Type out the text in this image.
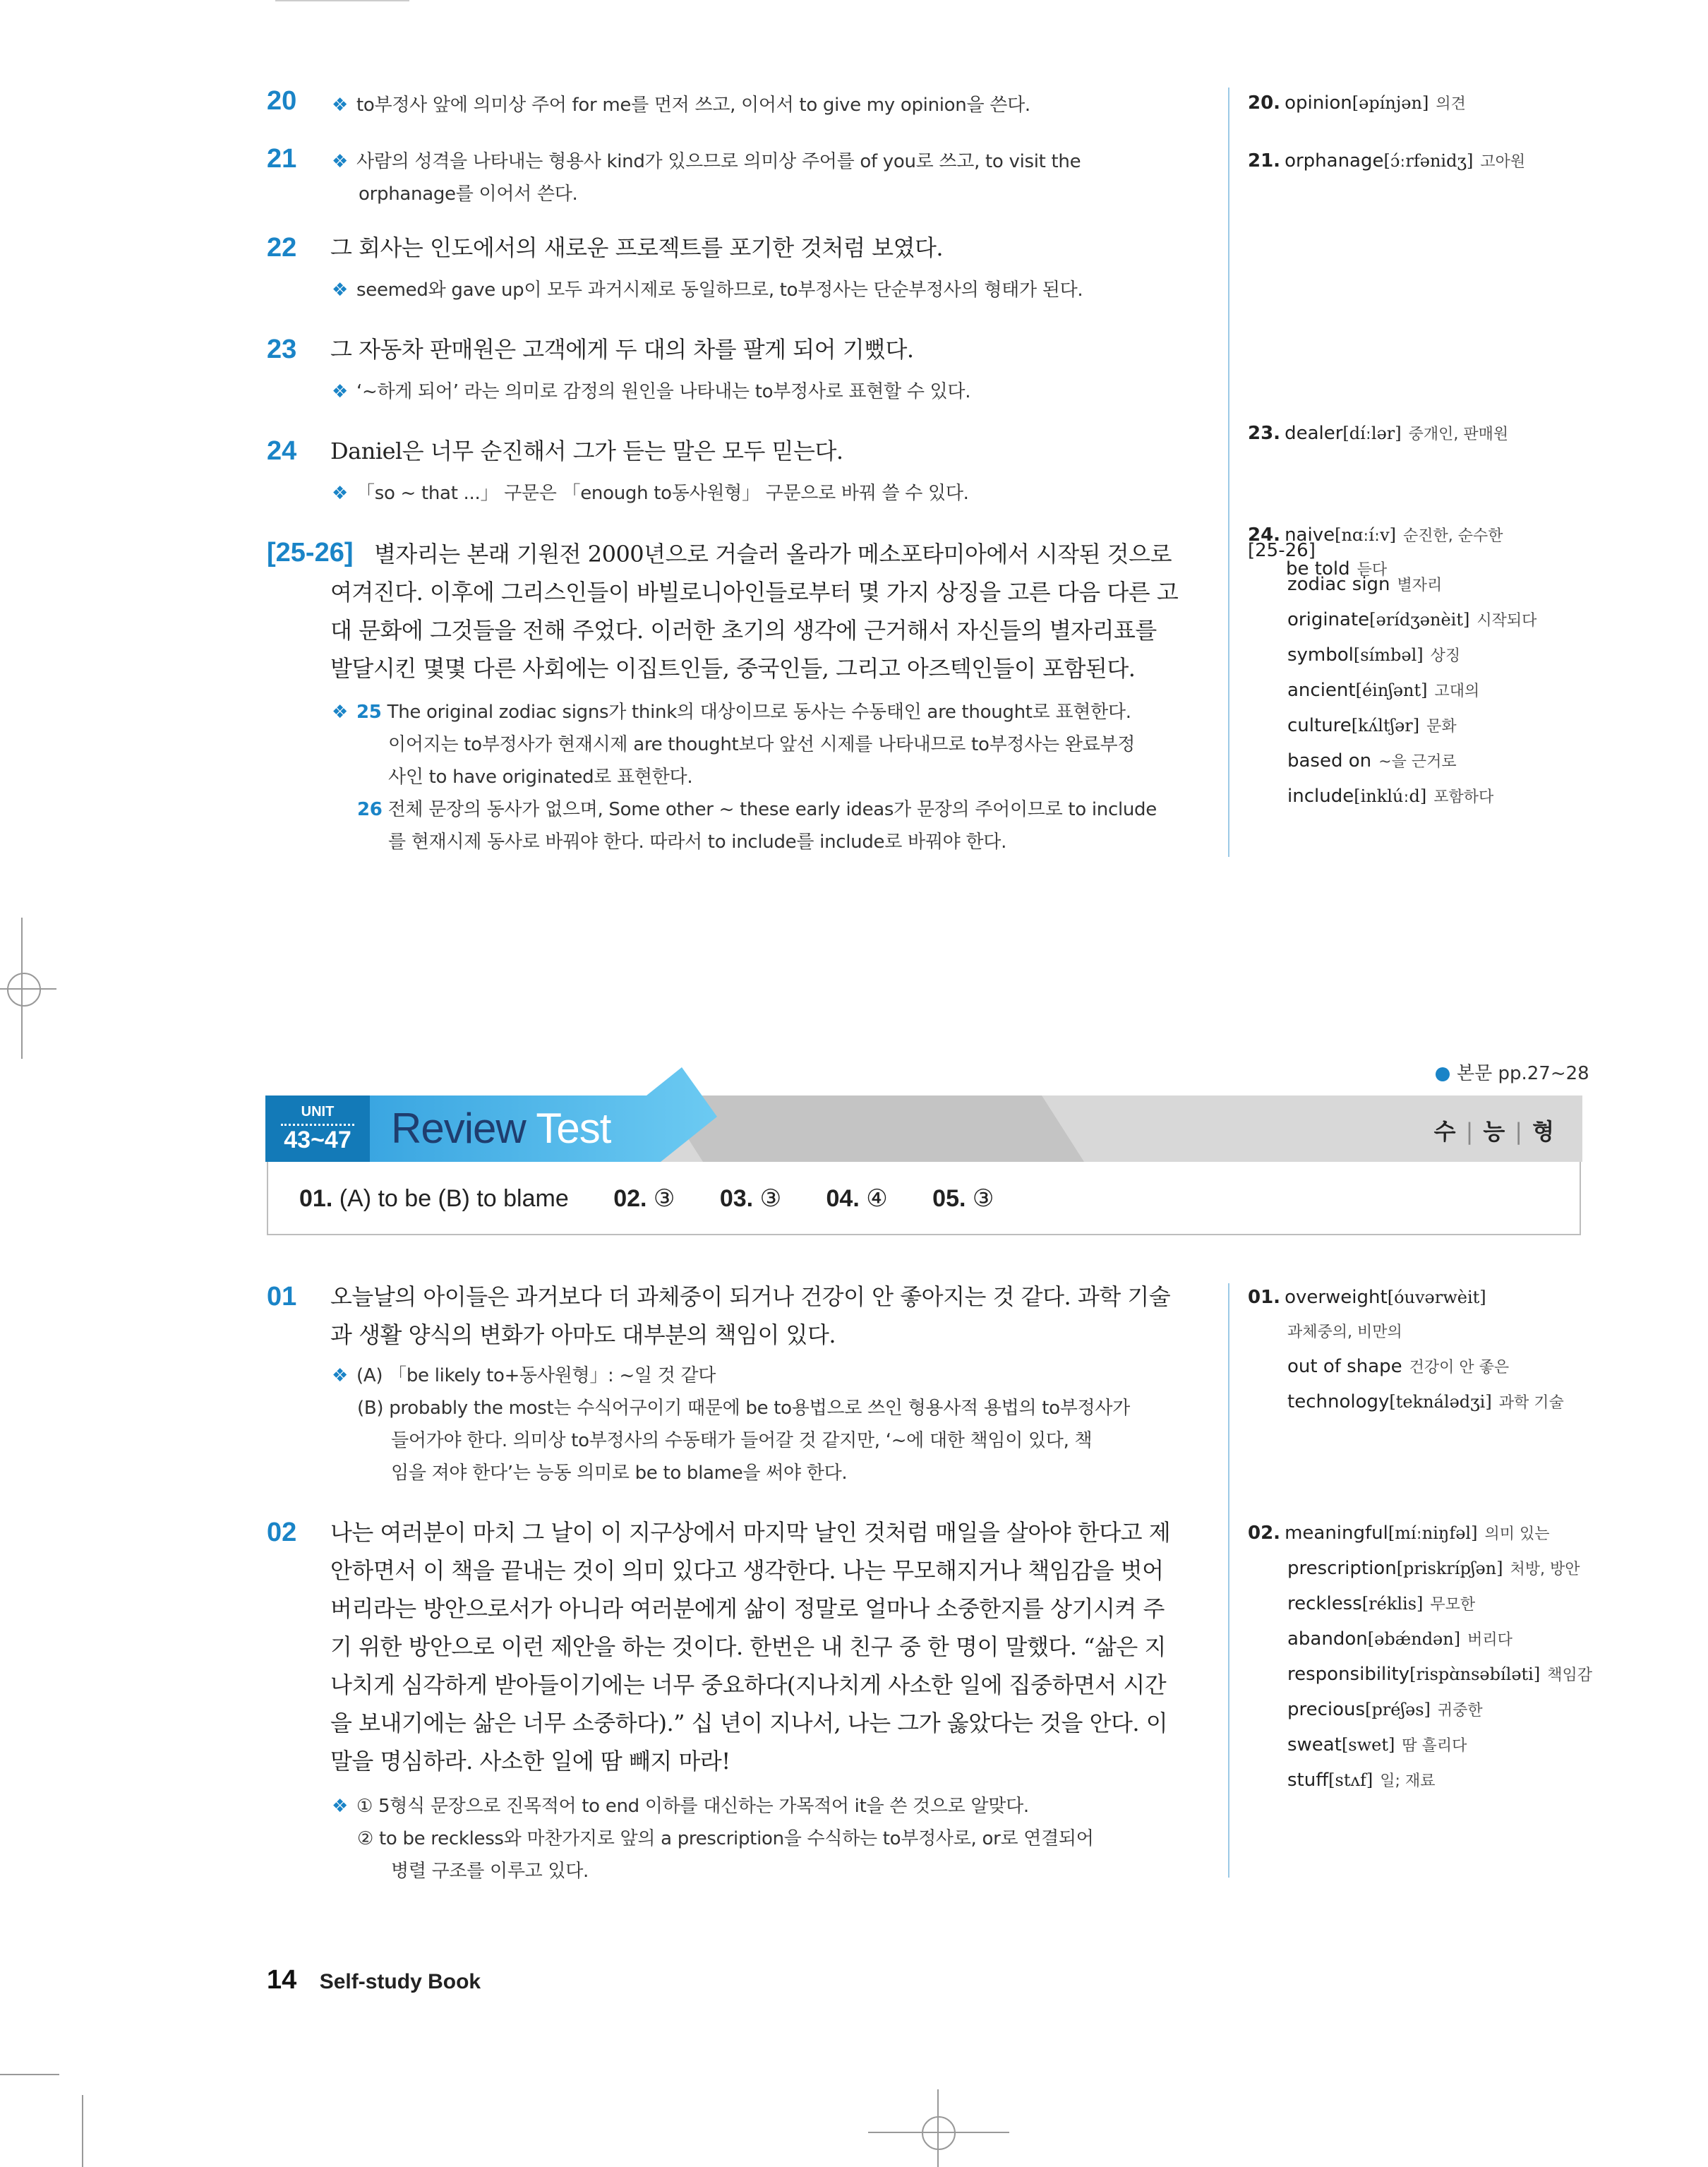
20 ❖ to부정사 앞에 의미상 주어 for me를 먼저 쓰고, 이어서 to give my opinion을 쓴다.
21 ❖ 사람의 성격을 나타내는 형용사 kind가 있으므로 의미상 주어를 of you로 쓰고, to visit the
orphanage를 이어서 쓴다.
22 그 회사는 인도에서의 새로운 프로젝트를 포기한 것처럼 보였다.
❖ seemed와 gave up이 모두 과거시제로 동일하므로, to부정사는 단순부정사의 형태가 된다.
23 그 자동차 판매원은 고객에게 두 대의 차를 팔게 되어 기뻤다.
❖ ‘~하게 되어’ 라는 의미로 감정의 원인을 나타내는 to부정사로 표현할 수 있다.
24 Daniel은 너무 순진해서 그가 듣는 말은 모두 믿는다.
❖ 「so ~ that ...」 구문은 「enough to동사원형」 구문으로 바꿔 쓸 수 있다.
[25-26] 별자리는 본래 기원전 2000년으로 거슬러 올라가 메소포타미아에서 시작된 것으로
여겨진다. 이후에 그리스인들이 바빌로니아인들로부터 몇 가지 상징을 고른 다음 다른 고
대 문화에 그것들을 전해 주었다. 이러한 초기의 생각에 근거해서 자신들의 별자리표를
발달시킨 몇몇 다른 사회에는 이집트인들, 중국인들, 그리고 아즈텍인들이 포함된다.
❖ 25 The original zodiac signs가 think의 대상이므로 동사는 수동태인 are thought로 표현한다.
이어지는 to부정사가 현재시제 are thought보다 앞선 시제를 나타내므로 to부정사는 완료부정
사인 to have originated로 표현한다.
26 전체 문장의 동사가 없으며, Some other ~ these early ideas가 문장의 주어이므로 to include
를 현재시제 동사로 바꿔야 한다. 따라서 to include를 include로 바꿔야 한다.
20. opinion[əpínjən] 의견
21. orphanage[ɔ́ːrfənidʒ] 고아원
23. dealer[díːlər] 중개인, 판매원
24. naive[nɑːíːv] 순진한, 순수한
be told 듣다
[25-26]
zodiac sign 별자리
originate[ərídʒənèit] 시작되다
symbol[símbəl] 상징
ancient[éinʃənt] 고대의
culture[kʌ́ltʃər] 문화
based on ~을 근거로
include[inklúːd] 포함하다
본문 pp.27~28
UNIT
43~47 Review Test	수 | 능 | 형
01. (A) to be (B) to blame 02. ③ 03. ③ 04. ④ 05. ③
01 오늘날의 아이들은 과거보다 더 과체중이 되거나 건강이 안 좋아지는 것 같다. 과학 기술
과 생활 양식의 변화가 아마도 대부분의 책임이 있다.
❖ (A) 「be likely to+동사원형」: ~일 것 같다
(B) probably the most는 수식어구이기 때문에 be to용법으로 쓰인 형용사적 용법의 to부정사가
들어가야 한다. 의미상 to부정사의 수동태가 들어갈 것 같지만, ‘~에 대한 책임이 있다, 책
임을 져야 한다’는 능동 의미로 be to blame을 써야 한다.
02 나는 여러분이 마치 그 날이 이 지구상에서 마지막 날인 것처럼 매일을 살아야 한다고 제
안하면서 이 책을 끝내는 것이 의미 있다고 생각한다. 나는 무모해지거나 책임감을 벗어
버리라는 방안으로서가 아니라 여러분에게 삶이 정말로 얼마나 소중한지를 상기시켜 주
기 위한 방안으로 이런 제안을 하는 것이다. 한번은 내 친구 중 한 명이 말했다. “삶은 지
나치게 심각하게 받아들이기에는 너무 중요하다(지나치게 사소한 일에 집중하면서 시간
을 보내기에는 삶은 너무 소중하다).” 십 년이 지나서, 나는 그가 옳았다는 것을 안다. 이
말을 명심하라. 사소한 일에 땀 빼지 마라!
❖ ① 5형식 문장으로 진목적어 to end 이하를 대신하는 가목적어 it을 쓴 것으로 알맞다.
② to be reckless와 마찬가지로 앞의 a prescription을 수식하는 to부정사로, or로 연결되어
병렬 구조를 이루고 있다.
01. overweight[óuvərwèit]
과체중의, 비만의
out of shape 건강이 안 좋은
technology[teknálədʒi] 과학 기술
02. meaningful[míːniŋfəl] 의미 있는
prescription[priskrípʃən] 처방, 방안
reckless[réklis] 무모한
abandon[əbǽndən] 버리다
responsibility[rispɑ̀nsəbíləti] 책임감
precious[préʃəs] 귀중한
sweat[swet] 땀 흘리다
stuff[stʌf] 일; 재료
14 Self-study Book
